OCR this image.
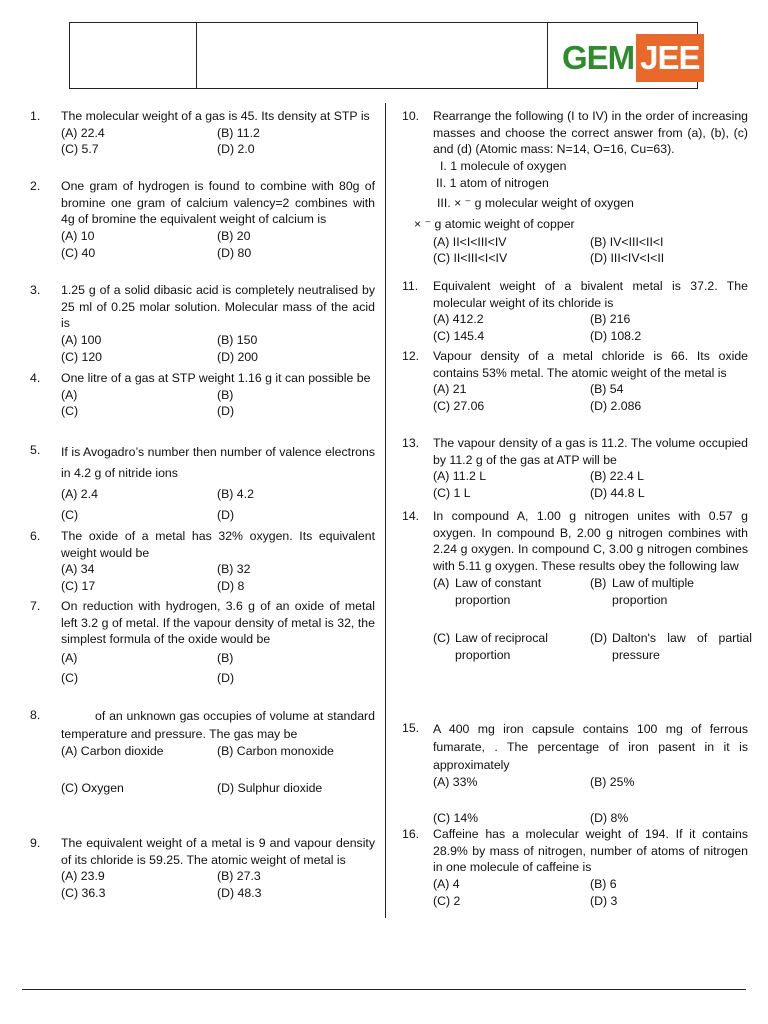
GEM JEE
1. The molecular weight of a gas is 45. Its density at STP is
(A) 22.4	(B) 11.2
(C) 5.7	(D) 2.0
2. One gram of hydrogen is found to combine with 80g of bromine one gram of calcium valency=2 combines with 4g of bromine the equivalent weight of calcium is
(A) 10	(B) 20
(C) 40	(D) 80
3. 1.25 g of a solid dibasic acid is completely neutralised by 25 ml of 0.25 molar solution. Molecular mass of the acid is
(A) 100	(B) 150
(C) 120	(D) 200
4. One litre of a gas at STP weight 1.16 g it can possible be
(A)	(B)
(C)	(D)
5. If is Avogadro’s number then number of valence electrons in 4.2 g of nitride ions
(A) 2.4	(B) 4.2
(C)	(D)
6. The oxide of a metal has 32% oxygen. Its equivalent weight would be
(A) 34	(B) 32
(C) 17	(D) 8
7. On reduction with hydrogen, 3.6 g of an oxide of metal left 3.2 g of metal. If the vapour density of metal is 32, the simplest formula of the oxide would be
(A)	(B)
(C)	(D)
8.	of an unknown gas occupies of volume at standard temperature and pressure. The gas may be
(A) Carbon dioxide	(B) Carbon monoxide
(C) Oxygen	(D) Sulphur dioxide
9. The equivalent weight of a metal is 9 and vapour density of its chloride is 59.25. The atomic weight of metal is
(A) 23.9	(B) 27.3
(C) 36.3	(D) 48.3
10. Rearrange the following (I to IV) in the order of increasing masses and choose the correct answer from (a), (b), (c) and (d) (Atomic mass: N=14, O=16, Cu=63).
I. 1 molecule of oxygen
II. 1 atom of nitrogen
III. × ⁻ g molecular weight of oxygen
× ⁻ g atomic weight of copper
(A) II<I<III<IV	(B) IV<III<II<I
(C) II<III<I<IV	(D) III<IV<I<II
11. Equivalent weight of a bivalent metal is 37.2. The molecular weight of its chloride is
(A) 412.2	(B) 216
(C) 145.4	(D) 108.2
12. Vapour density of a metal chloride is 66. Its oxide contains 53% metal. The atomic weight of the metal is
(A) 21	(B) 54
(C) 27.06	(D) 2.086
13. The vapour density of a gas is 11.2. The volume occupied by 11.2 g of the gas at ATP will be
(A) 11.2 L	(B) 22.4 L
(C) 1 L	(D) 44.8 L
14. In compound A, 1.00 g nitrogen unites with 0.57 g oxygen. In compound B, 2.00 g nitrogen combines with 2.24 g oxygen. In compound C, 3.00 g nitrogen combines with 5.11 g oxygen. These results obey the following law
(A) Law of constant proportion
(B) Law of multiple proportion
(C) Law of reciprocal proportion
(D) Dalton's law of partial pressure
15. A 400 mg iron capsule contains 100 mg of ferrous fumarate, . The percentage of iron pasent in it is approximately
(A) 33%	(B) 25%
(C) 14%	(D) 8%
16. Caffeine has a molecular weight of 194. If it contains 28.9% by mass of nitrogen, number of atoms of nitrogen in one molecule of caffeine is
(A) 4	(B) 6
(C) 2	(D) 3
